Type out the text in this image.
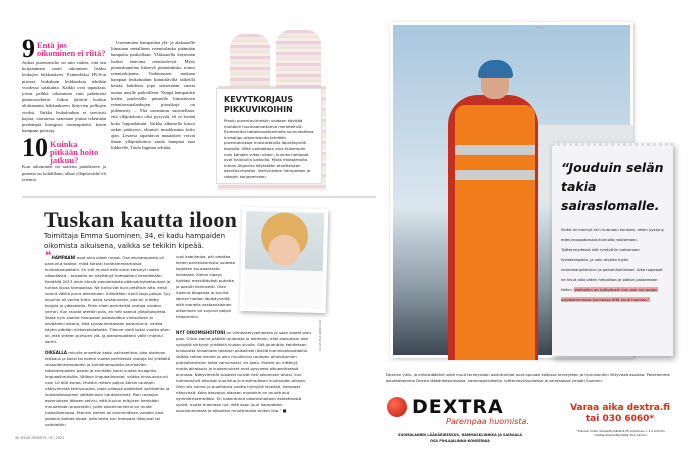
9 Entä jos oikominen ei riitä?

Joskus purentavirhe on niin vaikea, että sen korjaaminen vaatii oikomisen lisäksi leukojen leikkauksen. Esimerkiksi HUS:in piirissä leukaluun leikkauksia tehdään vuodessa satakunta. Kaikki ovat tapauksia, joissa pelkkä oikominen vain pahentaisi purentavirhettä. Jotkut jättävät hoidon aloittamatta leikkaukseen liittyvien pelkojen vuoksi. Vaikka leukaluuhun ei tarvitsisi kajota, oiortaessa saatetaan joutua tekemään pienempiä kirurgisia toimenpiteitä, kuten hampaan poistoja.

10 Kuinka pitkään hoito jatkuu?

Kun oikominen on saatettu päätökseen ja purenta on kohdillaan, alkaa ylläpitovaihe eli retentio.

Useimmiten hampaiden ylä- ja alakaarelle liimataan metallinen retentiolanka pitämään hampaita paikoillaan. Yläkaarella käytetään lisäksi enavinta retentiolevyä. Myös pönarskuntelaa liittsevä purentakisko toimii retentiolojenna. Tutkimusten mukaan hampaat leukaluuhun kiinnittävillä säikeillä kestää kahdesta jopa seitsemään vuotta tautua uusille paikoilleen. Niinpä hampaiden kielen puoleisille pinnoille liimattavien retentiorautalankojen pitoaikoja on pidennetty. – Yhä useammin suositellaan, että ylläpitohoito olisi pysyvää, eli se kestää koko loppuelämän. Vaikka alkuisella kasvu onkin päättynyt, elimistö muokkautuu koko ajan. Lesaesa tapahtuvat muutokset voivat ilman ylläpitohoitoa saada hampaat taas liikkeelle, Tuula Ingman selittää.

KEVYTKORJAUS PIKKUVIKOIHIN

Pienin purentavirheisiin voidaan käyttää muitakin huomaamattomia menetelmiä. Esimerkiksi tietokoneohjelmalla suunniteltava Invisalign-oikomishoito tehdään purentakiskoja muistuttavilla läpinäkyvillä kiskoilla. Niitä vaihdetaan aina tiukempiin noin kahden viikon välein, kunnes hampaat ovat halutuilla paikoilla. Myös irtokojehoito Inman Aligneria käytetään etuetteisten asentovirheiden, kiertyneiden hampaiden ja rakojen korjaamiseen.

Tuskan kautta iloon

Toimittaja Emma Suominen, 34, ei kadu hampaiden oikomista aikuisena, vaikka se tekikin kipeää.

❝HAMPAANI ovat aina olleet rumat. Osa etuhampaista oli painunut taakse, mikä korosti torahammasmaisia kulmahampaitani. En silti muista että olisin kärsinyt niiden ulkonäöstä – toisaalta en näyttänyt hampaitani kenellekään. Keväällä 2013 aloin kärsiä voimakkaista päänsärkykohtauksia ja tuntea kipua hampaissa. Ne tuntuivat kuin pettäisin alta, enkä voinut välillä purra oikeinkaan. Kiillettäkin irtoili isoja paloja. Syy kipuihin oli vanha tuttu: paha syväpurenta, jota oli yritetty korjata jo yläasteella. Pidin siloin perinteisiä rautoja vuoden verran. Kun raudat otettiin pois, en heti saanut ylläpitokojetta. Vasta nyin saadut hampaani palasivatkin vinksalleen jo keväänkin aikana, eikä syväpurentakaan parantunut, vaikka käytin pitkään nikkavetolaitetta. Tilanne vielä kaksi vuotta siten oli, että yhteen purtujen ylä- ja alahampaitteni väliin mahtui sormi.

OIKEALLA minulle annettiin kaksi vaihtoehtoa: joko alaleuan leikkaus ja kaksi tai kolme vuotta perinteisiä rautoja tai yhtäältä viisaudenhampaiden ja kulmahampaista seuraavien takahampaiden poisto ja enintään kaksi vuotta Incognito-linguaalirautoilla. Välitsin linguaaliraudat, vaikka hinta-arvio oli noin 10 000 euroa. Muistin mitten paljon kärsin rautojen näkyvimestä teinivuosina, joten piilossa pidettävä vaihtoehto ja leukaleikkauksen välttäminen houkuttelivat. Pian rautojen asennuksen jälkeen selvisi, että kuulun erityisen herkkään muutamaan prosenttiin, joille oikomineninkin on muita tuskallisempaa. Etenkin kieleni oli ensimmäisen vuoden aina jostakin kohtaa kipeä. Joka kerta kun hampaat liikkuivat tai vaihdettiin

uusi kaarilanka, piti odottaa kielen parkkiutumista uudesta kojeiden kuusaamasta kohdasta. Kielen kipeys haittasi merkittävästi puhetta ja potutti henkisesti. Olen lukenut blogeista ja kuullut saman hoidon läpikäyneiltä, että monella vastaavalainen oikominen on sujunut paljon helpommin.

KUVA PIIA ARNOULD

NYT OIKOMISHOITONI on viimeistelyvaiheessa ja saan kojeet pian pois. Olisin voinut päästä raudoista jo aiemmin, ellei alaleukani olisi sykoyliä siirtynyt yhtäkkiä hiukan sivulle. Sitä jouduttiin kahdeksan kuukautta hilaamaan takaisin paikoilleen öisillä kuminlankavedoilla. Vaikka rahaa menee ja olen muuttunut rautojen aiheuttamien puheaikeuksien takia varsumaksi, en kadu. Mutkia on riittänyt, mutta alkatautu ja kustannukset ovat pysyneet alkuperäisessä arviossa. Näkyvimmät tulokset tulivat heti oikomisen aluksi, kun hammasrivit alkoivat suoristua jo ensimmäisen kuukauden aikana. Olen siis voinut jo puolitoista vuotta hymyillä leveästi, hampaat näkyvissä. Koko kasvojen alaosan muotokin on muuttunut symmetrisemmäksi. En hakeutunut oikomishoitoon esteettisistä syistä, mutta huomaan nyt, että saan juuri hampaiden suoristumisesta ja alkoniäin muuttumista eniten iloa.” ■

40 HYVÄ TERVEYS / 6 / 2023
“Jouduin selän takia sairaslomalle.

Selkä oli mennyt niin huonoon kuntoon, etten pystyny edes kauppakassia kunnolla nostamaan. Työterveydessä sitä ryhdyttiin hoitamaan fysioterapialla, ja sain ohjeita myös voimaharjoitteluun ja painonhallintaan. Aika nopeasti ne kivut alko sitten helpottaa ja pääsin palaamaan töihin. Vanhoihin on työtyöneni kun osin nyt paljon suljakamminssa kunnossa että ennä huomaa.”

Dextran yleis- ja erikoislääkärit sekä muut terveysalan asiantuntijat ovat apunasi kaikissa terveyteen ja hyvinvointiin liittyvissä asioissa. Palvelemme asiakkaitamme Dextra lääkärikeskuksissa, hammasklinikoilla, työterveyshuolloissa ja sairaalassa ympäri Suomen.

DEXTRA
Parempaa huomista.
SUOMALAINEN LÄÄKÄRIKESKUS, HAMMASKLINIKKA JA SAIRAALA
OSA PIHLAJALINNA-KONSERNIA
Varaa aika dextra.fi
tai 030 6060*

*Puhelun hinta: lankaliittymästä 8,35 snt/puhelu + 3,2 snt/min, matkapuhelinliittymästä 19,2 snt/min.
